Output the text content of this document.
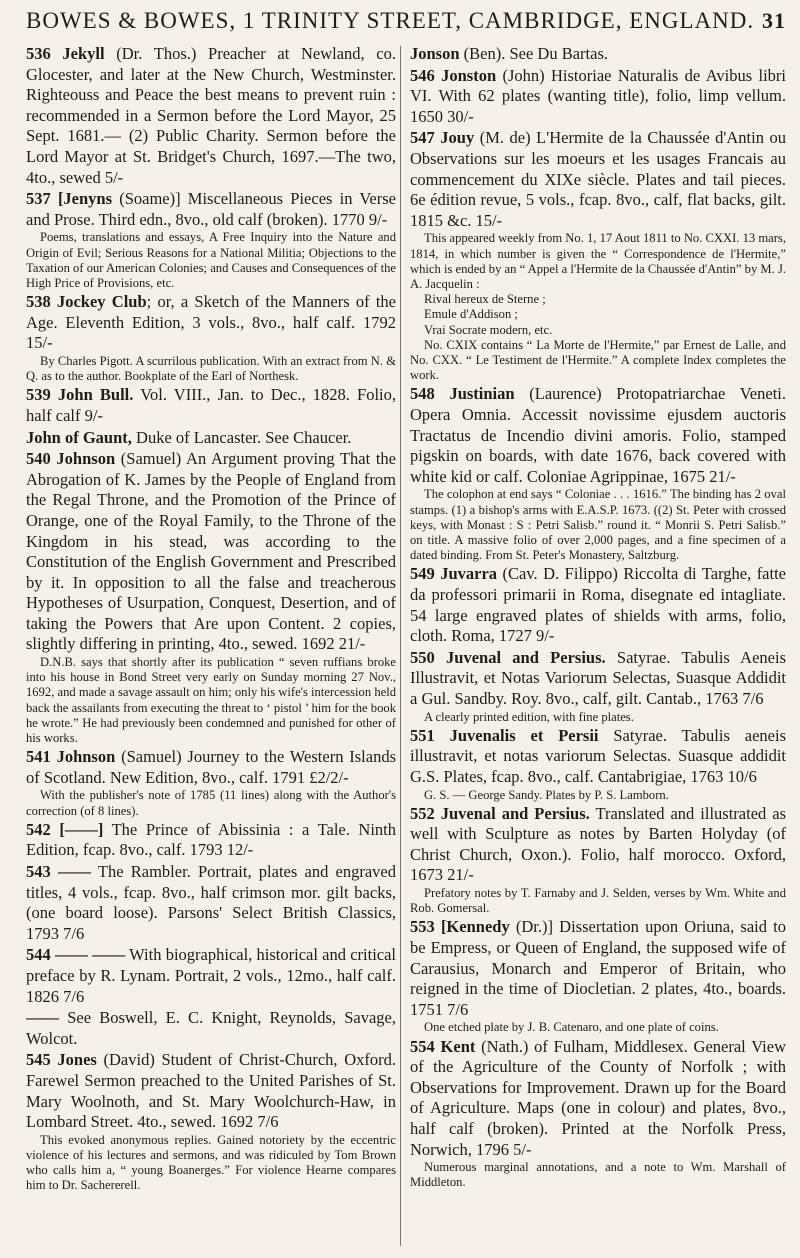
BOWES & BOWES, 1 TRINITY STREET, CAMBRIDGE, ENGLAND. 31
536 Jekyll (Dr. Thos.) Preacher at Newland, co. Glocester, and later at the New Church, Westminster. Righteouss and Peace the best means to prevent ruin : recommended in a Sermon before the Lord Mayor, 25 Sept. 1681.— (2) Public Charity. Sermon before the Lord Mayor at St. Bridget's Church, 1697.—The two, 4to., sewed 5/-
537 [Jenyns (Soame)] Miscellaneous Pieces in Verse and Prose. Third edn., 8vo., old calf (broken). 1770 9/-

Poems, translations and essays, A Free Inquiry into the Nature and Origin of Evil; Serious Reasons for a National Militia; Objections to the Taxation of our American Colonies; and Causes and Consequences of the High Price of Provisions, etc.

538 Jockey Club; or, a Sketch of the Manners of the Age. Eleventh Edition, 3 vols., 8vo., half calf. 1792 15/-

By Charles Pigott. A scurrilous publication. With an extract from N. & Q. as to the author. Bookplate of the Earl of Northesk.

539 John Bull. Vol. VIII., Jan. to Dec., 1828. Folio, half calf 9/-
John of Gaunt, Duke of Lancaster. See Chaucer.
540 Johnson (Samuel) An Argument proving That the Abrogation of K. James by the People of England from the Regal Throne, and the Promotion of the Prince of Orange, one of the Royal Family, to the Throne of the Kingdom in his stead, was according to the Constitution of the English Government and Prescribed by it. In opposition to all the false and treacherous Hypotheses of Usurpation, Conquest, Desertion, and of taking the Powers that Are upon Content. 2 copies, slightly differing in printing, 4to., sewed. 1692 21/-

D.N.B. says that shortly after its publication “ seven ruffians broke into his house in Bond Street very early on Sunday morning 27 Nov., 1692, and made a savage assault on him; only his wife's intercession held back the assailants from executing the threat to ‘ pistol ’ him for the book he wrote.” He had previously been condemned and punished for other of his works.

541 Johnson (Samuel) Journey to the Western Islands of Scotland. New Edition, 8vo., calf. 1791 £2/2/-

With the publisher's note of 1785 (11 lines) along with the Author's correction (of 8 lines).

542 [——] The Prince of Abissinia : a Tale. Ninth Edition, fcap. 8vo., calf. 1793 12/-
543 —— The Rambler. Portrait, plates and engraved titles, 4 vols., fcap. 8vo., half crimson mor. gilt backs, (one board loose). Parsons' Select British Classics, 1793 7/6
544 —— —— With biographical, historical and critical preface by R. Lynam. Portrait, 2 vols., 12mo., half calf. 1826 7/6
—— See Boswell, E. C. Knight, Reynolds, Savage, Wolcot.
545 Jones (David) Student of Christ-Church, Oxford. Farewel Sermon preached to the United Parishes of St. Mary Woolnoth, and St. Mary Woolchurch-Haw, in Lombard Street. 4to., sewed. 1692 7/6

This evoked anonymous replies. Gained notoriety by the eccentric violence of his lectures and sermons, and was ridiculed by Tom Brown who calls him a, “ young Boanerges.” For violence Hearne compares him to Dr. Sachererell.

Jonson (Ben). See Du Bartas.
546 Jonston (John) Historiae Naturalis de Avibus libri VI. With 62 plates (wanting title), folio, limp vellum. 1650 30/-
547 Jouy (M. de) L'Hermite de la Chaussée d'Antin ou Observations sur les moeurs et les usages Francais au commencement du XIXe siècle. Plates and tail pieces. 6e édition revue, 5 vols., fcap. 8vo., calf, flat backs, gilt. 1815 &c. 15/-

This appeared weekly from No. 1, 17 Aout 1811 to No. CXXI. 13 mars, 1814, in which number is given the “ Correspondence de l'Hermite,” which is ended by an “ Appel a l'Hermite de la Chaussée d'Antin” by M. J. A. Jacquelin :

Rival hereux de Sterne ;

Emule d'Addison ;

Vrai Socrate modern, etc.

No. CXIX contains “ La Morte de l'Hermite,” par Ernest de Lalle, and No. CXX. “ Le Testiment de l'Hermite.” A complete Index completes the work.

548 Justinian (Laurence) Protopatriarchae Veneti. Opera Omnia. Accessit novissime ejusdem auctoris Tractatus de Incendio divini amoris. Folio, stamped pigskin on boards, with date 1676, back covered with white kid or calf. Coloniae Agrippinae, 1675 21/-

The colophon at end says “ Coloniae . . . 1616.” The binding has 2 oval stamps. (1) a bishop's arms with E.A.S.P. 1673. ((2) St. Peter with crossed keys, with Monast : S : Petri Salisb.” round it. “ Monrii S. Petri Salisb.” on title. A massive folio of over 2,000 pages, and a fine specimen of a dated binding. From St. Peter's Monastery, Saltzburg.

549 Juvarra (Cav. D. Filippo) Riccolta di Targhe, fatte da professori primarii in Roma, disegnate ed intagliate. 54 large engraved plates of shields with arms, folio, cloth. Roma, 1727 9/-
550 Juvenal and Persius. Satyrae. Tabulis Aeneis Illustravit, et Notas Variorum Selectas, Suasque Addidit a Gul. Sandby. Roy. 8vo., calf, gilt. Cantab., 1763 7/6

A clearly printed edition, with fine plates.

551 Juvenalis et Persii Satyrae. Tabulis aeneis illustravit, et notas variorum Selectas. Suasque addidit G.S. Plates, fcap. 8vo., calf. Cantabrigiae, 1763 10/6

G. S. — George Sandy. Plates by P. S. Lamborn.

552 Juvenal and Persius. Translated and illustrated as well with Sculpture as notes by Barten Holyday (of Christ Church, Oxon.). Folio, half morocco. Oxford, 1673 21/-

Prefatory notes by T. Farnaby and J. Selden, verses by Wm. White and Rob. Gomersal.

553 [Kennedy (Dr.)] Dissertation upon Oriuna, said to be Empress, or Queen of England, the supposed wife of Carausius, Monarch and Emperor of Britain, who reigned in the time of Diocletian. 2 plates, 4to., boards. 1751 7/6

One etched plate by J. B. Catenaro, and one plate of coins.

554 Kent (Nath.) of Fulham, Middlesex. General View of the Agriculture of the County of Norfolk ; with Observations for Improvement. Drawn up for the Board of Agriculture. Maps (one in colour) and plates, 8vo., half calf (broken). Printed at the Norfolk Press, Norwich, 1796 5/-

Numerous marginal annotations, and a note to Wm. Marshall of Middleton.
